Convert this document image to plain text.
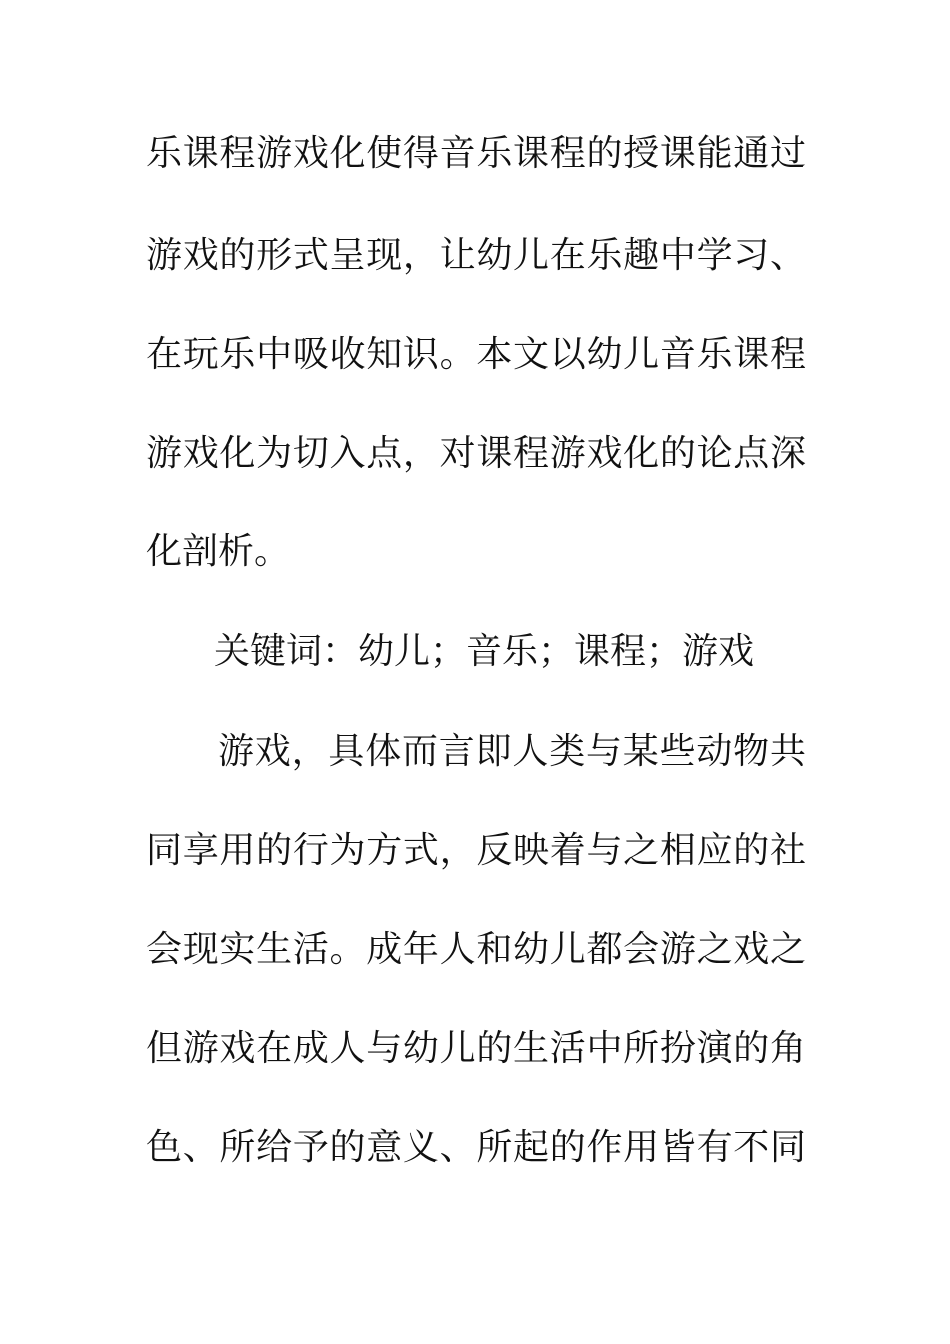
乐课程游戏化使得音乐课程的授课能通过
游戏的形式呈现，让幼儿在乐趣中学习、
在玩乐中吸收知识。本文以幼儿音乐课程
游戏化为切入点，对课程游戏化的论点深
化剖析。
关键词：幼儿；音乐；课程；游戏
游戏，具体而言即人类与某些动物共
同享用的行为方式，反映着与之相应的社
会现实生活。成年人和幼儿都会游之戏之
但游戏在成人与幼儿的生活中所扮演的角
色、所给予的意义、所起的作用皆有不同
